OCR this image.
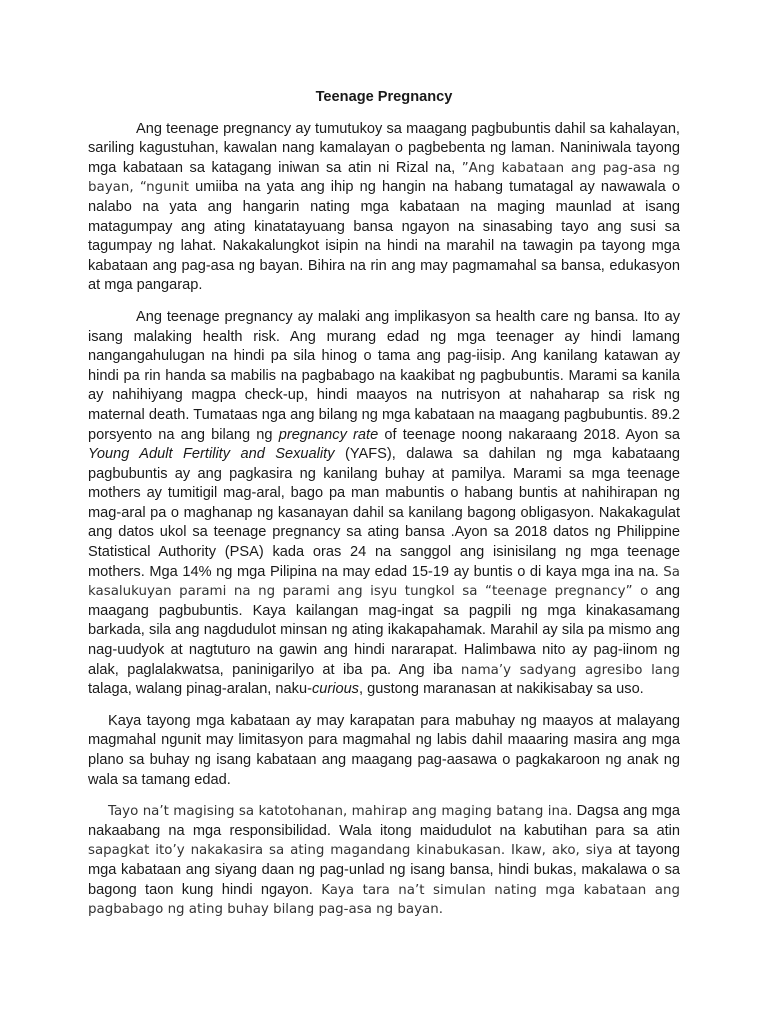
Teenage Pregnancy

Ang teenage pregnancy ay tumutukoy sa maagang pagbubuntis dahil sa kahalayan, sariling kagustuhan, kawalan nang kamalayan o pagbebenta ng laman. Naniniwala tayong mga kabataan sa katagang iniwan sa atin ni Rizal na, ”Ang kabataan ang pag-asa ng bayan, “ngunit umiiba na yata ang ihip ng hangin na habang tumatagal ay nawawala o nalabo na yata ang hangarin nating mga kabataan na maging maunlad at isang matagumpay ang ating kinatatayuang bansa ngayon na sinasabing tayo ang susi sa tagumpay ng lahat. Nakakalungkot isipin na hindi na marahil na tawagin pa tayong mga kabataan ang pag-asa ng bayan. Bihira na rin ang may pagmamahal sa bansa, edukasyon at mga pangarap.

Ang teenage pregnancy ay malaki ang implikasyon sa health care ng bansa. Ito ay isang malaking health risk. Ang murang edad ng mga teenager ay hindi lamang nangangahulugan na hindi pa sila hinog o tama ang pag-iisip. Ang kanilang katawan ay hindi pa rin handa sa mabilis na pagbabago na kaakibat ng pagbubuntis. Marami sa kanila ay nahihiyang magpa check-up, hindi maayos na nutrisyon at nahaharap sa risk ng maternal death. Tumataas nga ang bilang ng mga kabataan na maagang pagbubuntis. 89.2 porsyento na ang bilang ng pregnancy rate of teenage noong nakaraang 2018. Ayon sa Young Adult Fertility and Sexuality (YAFS), dalawa sa dahilan ng mga kabataang pagbubuntis ay ang pagkasira ng kanilang buhay at pamilya. Marami sa mga teenage mothers ay tumitigil mag-aral, bago pa man mabuntis o habang buntis at nahihirapan ng mag-aral pa o maghanap ng kasanayan dahil sa kanilang bagong obligasyon. Nakakagulat ang datos ukol sa teenage pregnancy sa ating bansa .Ayon sa 2018 datos ng Philippine Statistical Authority (PSA) kada oras 24 na sanggol ang isinisilang ng mga teenage mothers. Mga 14% ng mga Pilipina na may edad 15-19 ay buntis o di kaya mga ina na. Sa kasalukuyan parami na ng parami ang isyu tungkol sa “teenage pregnancy” o ang maagang pagbubuntis. Kaya kailangan mag-ingat sa pagpili ng mga kinakasamang barkada, sila ang nagdudulot minsan ng ating ikakapahamak. Marahil ay sila pa mismo ang nag-uudyok at nagtuturo na gawin ang hindi nararapat. Halimbawa nito ay pag-iinom ng alak, paglalakwatsa, paninigarilyo at iba pa. Ang iba nama’y sadyang agresibo lang talaga, walang pinag-aralan, naku-curious, gustong maranasan at nakikisabay sa uso.

Kaya tayong mga kabataan ay may karapatan para mabuhay ng maayos at malayang magmahal ngunit may limitasyon para magmahal ng labis dahil maaaring masira ang mga plano sa buhay ng isang kabataan ang maagang pag-aasawa o pagkakaroon ng anak ng wala sa tamang edad.

Tayo na’t magising sa katotohanan, mahirap ang maging batang ina. Dagsa ang mga nakaabang na mga responsibilidad. Wala itong maidudulot na kabutihan para sa atin sapagkat ito’y nakakasira sa ating magandang kinabukasan. Ikaw, ako, siya at tayong mga kabataan ang siyang daan ng pag-unlad ng isang bansa, hindi bukas, makalawa o sa bagong taon kung hindi ngayon. Kaya tara na’t simulan nating mga kabataan ang pagbabago ng ating buhay bilang pag-asa ng bayan.
